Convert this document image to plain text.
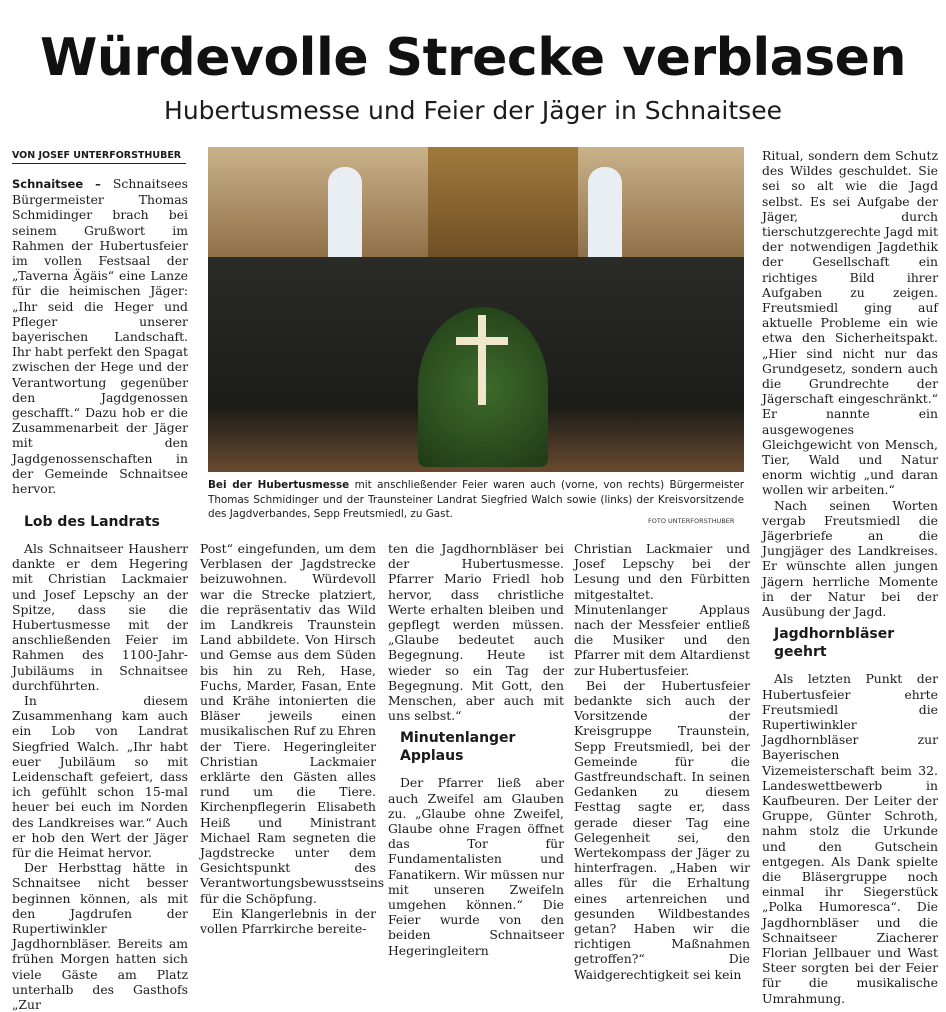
Würdevolle Strecke verblasen
Hubertusmesse und Feier der Jäger in Schnaitsee
VON JOSEF UNTERFORSTHUBER

Schnaitsee – Schnaitsees Bürgermeister Thomas Schmidinger brach bei seinem Grußwort im Rahmen der Hubertusfeier im vollen Festsaal der „Taverna Ägäis“ eine Lanze für die heimischen Jäger: „Ihr seid die Heger und Pfleger unserer bayerischen Landschaft. Ihr habt perfekt den Spagat zwischen der Hege und der Verantwortung gegenüber den Jagdgenossen geschafft.“ Dazu hob er die Zusammenarbeit der Jäger mit den Jagdgenossenschaften in der Gemeinde Schnaitsee hervor.

Lob des Landrats

Als Schnaitseer Hausherr dankte er dem Hegering mit Christian Lackmaier und Josef Lepschy an der Spitze, dass sie die Hubertusmesse mit der anschließenden Feier im Rahmen des 1100-Jahr-Jubiläums in Schnaitsee durchführten.

In diesem Zusammenhang kam auch ein Lob von Landrat Siegfried Walch. „Ihr habt euer Jubiläum so mit Leidenschaft gefeiert, dass ich gefühlt schon 15-mal heuer bei euch im Norden des Landkreises war.“ Auch er hob den Wert der Jäger für die Heimat hervor.

Der Herbsttag hätte in Schnaitsee nicht besser beginnen können, als mit den Jagdrufen der Rupertiwinkler Jagdhornbläser. Bereits am frühen Morgen hatten sich viele Gäste am Platz unterhalb des Gasthofs „Zur

Bei der Hubertusmesse mit anschließender Feier waren auch (vorne, von rechts) Bürgermeister Thomas Schmidinger und der Traunsteiner Landrat Siegfried Walch sowie (links) der Kreisvorsitzende des Jagdverbandes, Sepp Freutsmiedl, zu Gast.
FOTO UNTERFORSTHUBER

Post“ eingefunden, um dem Verblasen der Jagdstrecke beizuwohnen. Würdevoll war die Strecke platziert, die repräsentativ das Wild im Landkreis Traunstein Land abbildete. Von Hirsch und Gemse aus dem Süden bis hin zu Reh, Hase, Fuchs, Marder, Fasan, Ente und Krähe intonierten die Bläser jeweils einen musikalischen Ruf zu Ehren der Tiere. Hegeringleiter Christian Lackmaier erklärte den Gästen alles rund um die Tiere. Kirchenpflegerin Elisabeth Heiß und Ministrant Michael Ram segneten die Jagdstrecke unter dem Gesichtspunkt des Verantwortungsbewusstseins für die Schöpfung.

Ein Klangerlebnis in der vollen Pfarrkirche bereite-

ten die Jagdhornbläser bei der Hubertusmesse. Pfarrer Mario Friedl hob hervor, dass christliche Werte erhalten bleiben und gepflegt werden müssen. „Glaube bedeutet auch Begegnung. Heute ist wieder so ein Tag der Begegnung. Mit Gott, den Menschen, aber auch mit uns selbst.“

Minutenlanger Applaus

Der Pfarrer ließ aber auch Zweifel am Glauben zu. „Glaube ohne Zweifel, Glaube ohne Fragen öffnet das Tor für Fundamentalisten und Fanatikern. Wir müssen nur mit unseren Zweifeln umgehen können.“ Die Feier wurde von den beiden Schnaitseer Hegeringleitern

Christian Lackmaier und Josef Lepschy bei der Lesung und den Fürbitten mitgestaltet. Minutenlanger Applaus nach der Messfeier entließ die Musiker und den Pfarrer mit dem Altardienst zur Hubertusfeier.

Bei der Hubertusfeier bedankte sich auch der Vorsitzende der Kreisgruppe Traunstein, Sepp Freutsmiedl, bei der Gemeinde für die Gastfreundschaft. In seinen Gedanken zu diesem Festtag sagte er, dass gerade dieser Tag eine Gelegenheit sei, den Wertekompass der Jäger zu hinterfragen. „Haben wir alles für die Erhaltung eines artenreichen und gesunden Wildbestandes getan? Haben wir die richtigen Maßnahmen getroffen?“ Die Waidgerechtigkeit sei kein

Ritual, sondern dem Schutz des Wildes geschuldet. Sie sei so alt wie die Jagd selbst. Es sei Aufgabe der Jäger, durch tierschutzgerechte Jagd mit der notwendigen Jagdethik der Gesellschaft ein richtiges Bild ihrer Aufgaben zu zeigen. Freutsmiedl ging auf aktuelle Probleme ein wie etwa den Sicherheitspakt. „Hier sind nicht nur das Grundgesetz, sondern auch die Grundrechte der Jägerschaft eingeschränkt.“ Er nannte ein ausgewogenes Gleichgewicht von Mensch, Tier, Wald und Natur enorm wichtig „und daran wollen wir arbeiten.“

Nach seinen Worten vergab Freutsmiedl die Jägerbriefe an die Jungjäger des Landkreises. Er wünschte allen jungen Jägern herrliche Momente in der Natur bei der Ausübung der Jagd.

Jagdhornbläser geehrt

Als letzten Punkt der Hubertusfeier ehrte Freutsmiedl die Rupertiwinkler Jagdhornbläser zur Bayerischen Vizemeisterschaft beim 32. Landeswettbewerb in Kaufbeuren. Der Leiter der Gruppe, Günter Schroth, nahm stolz die Urkunde und den Gutschein entgegen. Als Dank spielte die Bläsergruppe noch einmal ihr Siegerstück „Polka Humoresca“. Die Jagdhornbläser und die Schnaitseer Ziacherer Florian Jellbauer und Wast Steer sorgten bei der Feier für die musikalische Umrahmung.
